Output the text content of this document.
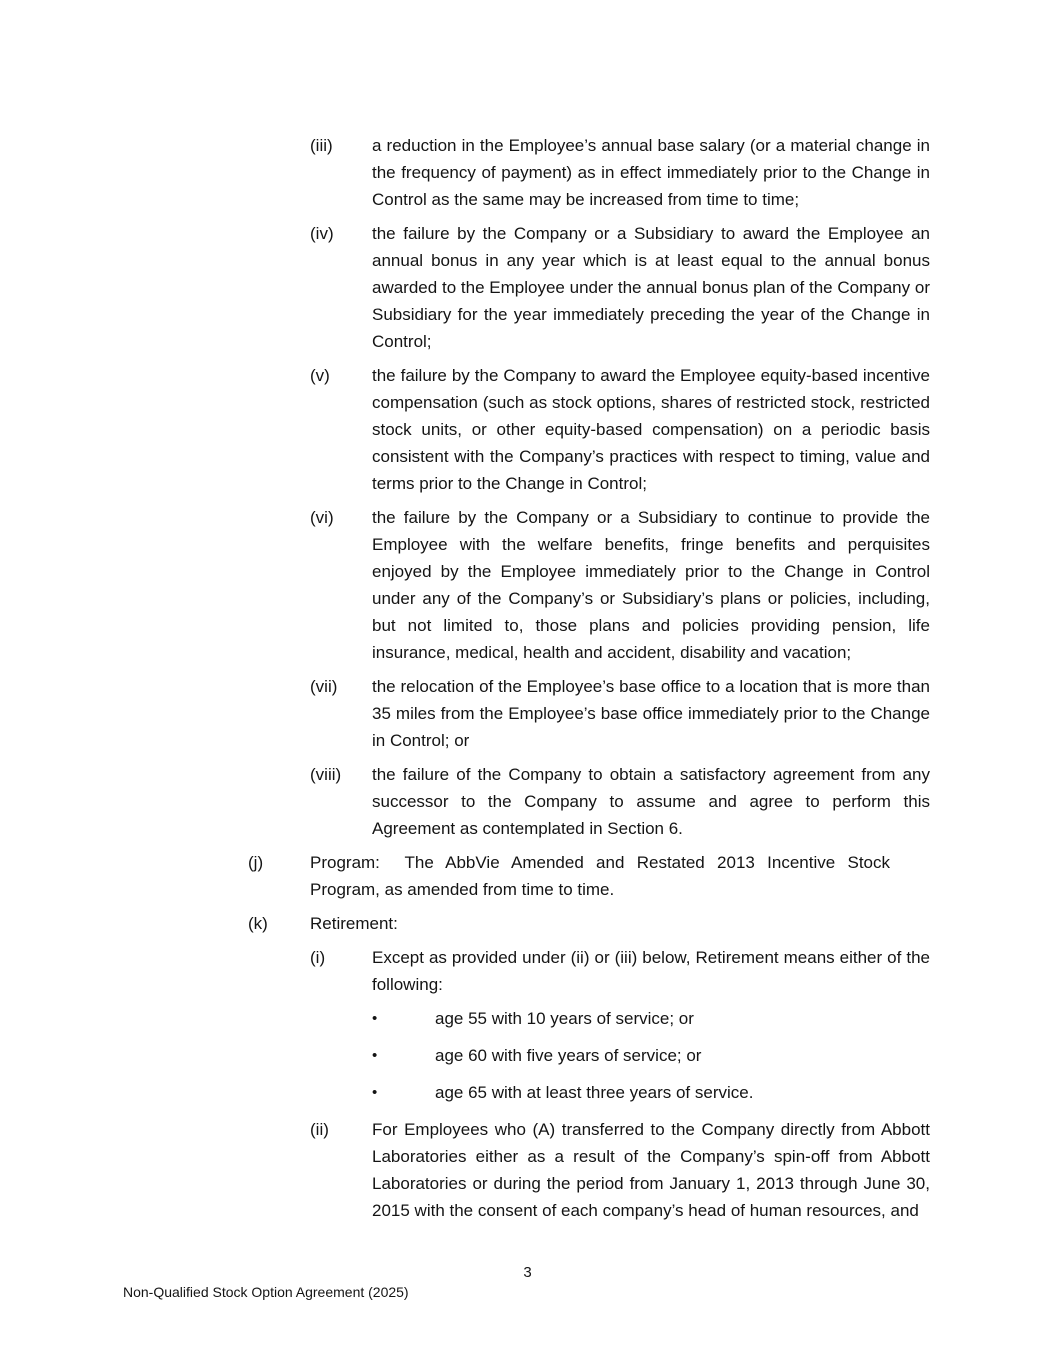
(iii)	a reduction in the Employee’s annual base salary (or a material change in the frequency of payment) as in effect immediately prior to the Change in Control as the same may be increased from time to time;

(iv)	the failure by the Company or a Subsidiary to award the Employee an annual bonus in any year which is at least equal to the annual bonus awarded to the Employee under the annual bonus plan of the Company or Subsidiary for the year immediately preceding the year of the Change in Control;

(v)	the failure by the Company to award the Employee equity-based incentive compensation (such as stock options, shares of restricted stock, restricted stock units, or other equity-based compensation) on a periodic basis consistent with the Company’s practices with respect to timing, value and terms prior to the Change in Control;

(vi)	the failure by the Company or a Subsidiary to continue to provide the Employee with the welfare benefits, fringe benefits and perquisites enjoyed by the Employee immediately prior to the Change in Control under any of the Company’s or Subsidiary’s plans or policies, including, but not limited to, those plans and policies providing pension, life insurance, medical, health and accident, disability and vacation;

(vii)	the relocation of the Employee’s base office to a location that is more than 35 miles from the Employee’s base office immediately prior to the Change in Control; or

(viii)	the failure of the Company to obtain a satisfactory agreement from any successor to the Company to assume and agree to perform this Agreement as contemplated in Section 6.

(j)	Program:  The AbbVie Amended and Restated 2013 Incentive Stock Program, as amended from time to time.

(k)	Retirement:

(i)	Except as provided under (ii) or (iii) below, Retirement means either of the following:

•	age 55 with 10 years of service; or

•	age 60 with five years of service; or

•	age 65 with at least three years of service.

(ii)	For Employees who (A) transferred to the Company directly from Abbott Laboratories either as a result of the Company’s spin-off from Abbott Laboratories or during the period from January 1, 2013 through June 30, 2015 with the consent of each company’s head of human resources, and

3
Non-Qualified Stock Option Agreement (2025)
